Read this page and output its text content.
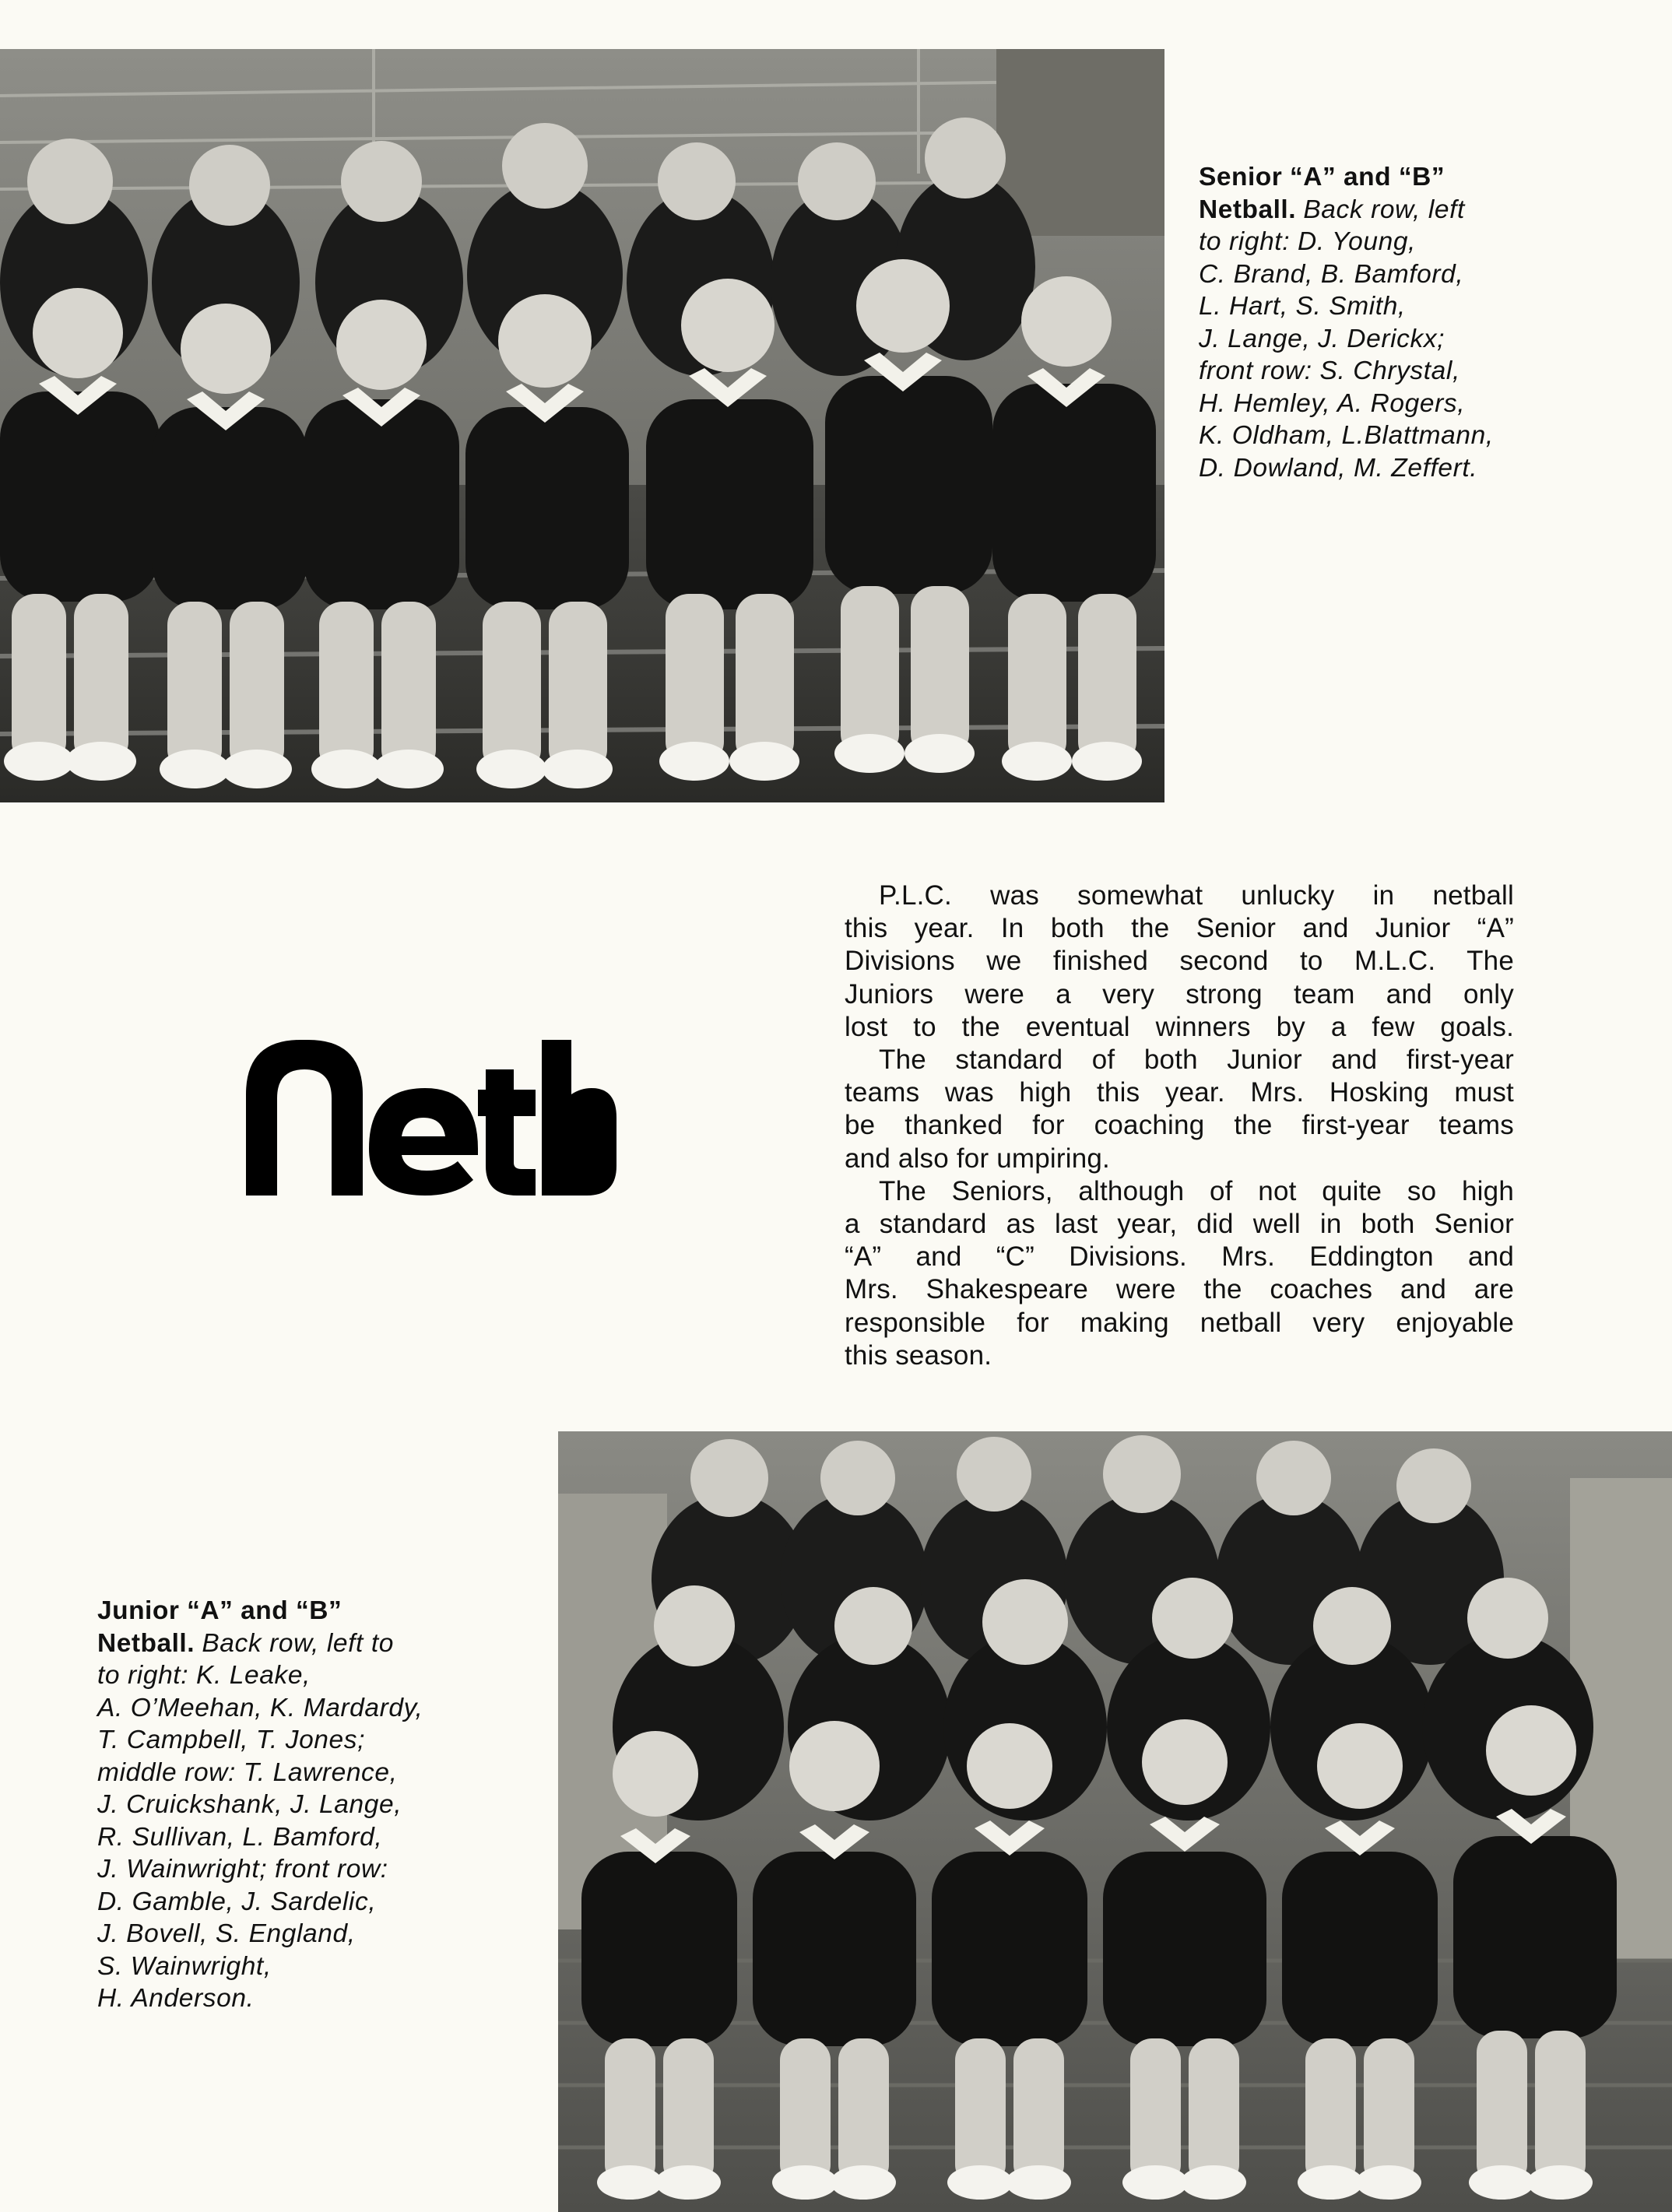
Senior “A” and “B”
Netball. Back row, left
to right: D. Young,
C. Brand, B. Bamford,
L. Hart, S. Smith,
J. Lange, J. Derickx;
front row: S. Chrystal,
H. Hemley, A. Rogers,
K. Oldham, L.Blattmann,
D. Dowland, M. Zeffert.
P.L.C. was somewhat unlucky in netball
this year. In both the Senior and Junior “A”
Divisions we finished second to M.L.C. The
Juniors were a very strong team and only
lost to the eventual winners by a few goals.
The standard of both Junior and first-year
teams was high this year. Mrs. Hosking must
be thanked for coaching the first-year teams
and also for umpiring.
The Seniors, although of not quite so high
a standard as last year, did well in both Senior
“A” and “C” Divisions. Mrs. Eddington and
Mrs. Shakespeare were the coaches and are
responsible for making netball very enjoyable
this season.
Junior “A” and “B”
Netball. Back row, left to
to right: K. Leake,
A. O’Meehan, K. Mardardy,
T. Campbell, T. Jones;
middle row: T. Lawrence,
J. Cruickshank, J. Lange,
R. Sullivan, L. Bamford,
J. Wainwright; front row:
D. Gamble, J. Sardelic,
J. Bovell, S. England,
S. Wainwright,
H. Anderson.
